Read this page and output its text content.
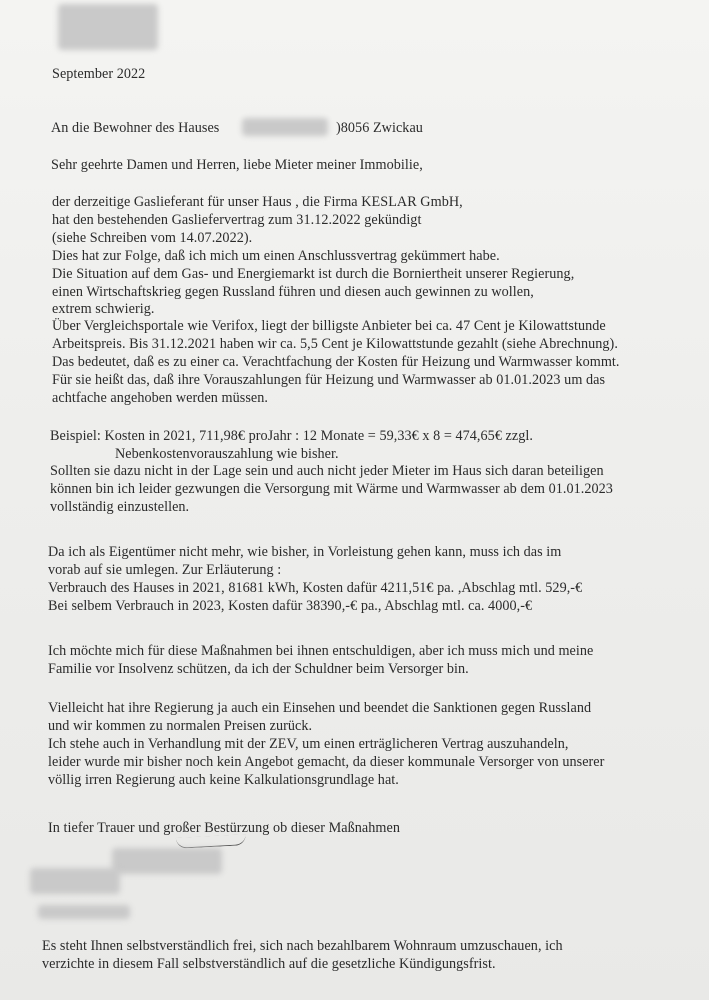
September 2022
An die Bewohner des Hauses	)8056 Zwickau
Sehr geehrte Damen und Herren, liebe Mieter meiner Immobilie,
der derzeitige Gaslieferant für unser Haus , die Firma KESLAR GmbH,
hat den bestehenden Gasliefervertrag zum 31.12.2022 gekündigt
(siehe Schreiben vom 14.07.2022).
Dies hat zur Folge, daß ich mich um einen Anschlussvertrag gekümmert habe.
Die Situation auf dem Gas- und Energiemarkt ist durch die Borniertheit unserer Regierung,
einen Wirtschaftskrieg gegen Russland führen und diesen auch gewinnen zu wollen,
extrem schwierig.
Über Vergleichsportale wie Verifox, liegt der billigste Anbieter bei ca. 47 Cent je Kilowattstunde
Arbeitspreis. Bis 31.12.2021 haben wir ca. 5,5 Cent je Kilowattstunde gezahlt (siehe Abrechnung).
Das bedeutet, daß es zu einer ca. Verachtfachung der Kosten für Heizung und Warmwasser kommt.
Für sie heißt das, daß ihre Vorauszahlungen für Heizung und Warmwasser ab 01.01.2023 um das
achtfache angehoben werden müssen.
Beispiel: Kosten in 2021, 711,98€ proJahr : 12 Monate = 59,33€ x 8 = 474,65€ zzgl.
Nebenkostenvorauszahlung wie bisher.
Sollten sie dazu nicht in der Lage sein und auch nicht jeder Mieter im Haus sich daran beteiligen
können bin ich leider gezwungen die Versorgung mit Wärme und Warmwasser ab dem 01.01.2023
vollständig einzustellen.
Da ich als Eigentümer nicht mehr, wie bisher, in Vorleistung gehen kann, muss ich das im
vorab auf sie umlegen. Zur Erläuterung :
Verbrauch des Hauses in 2021, 81681 kWh, Kosten dafür 4211,51€ pa. ,Abschlag mtl. 529,-€
Bei selbem Verbrauch in 2023, Kosten dafür 38390,-€ pa., Abschlag mtl. ca. 4000,-€
Ich möchte mich für diese Maßnahmen bei ihnen entschuldigen, aber ich muss mich und meine
Familie vor Insolvenz schützen, da ich der Schuldner beim Versorger bin.
Vielleicht hat ihre Regierung ja auch ein Einsehen und beendet die Sanktionen gegen Russland
und wir kommen zu normalen Preisen zurück.
Ich stehe auch in Verhandlung mit der ZEV, um einen erträglicheren Vertrag auszuhandeln,
leider wurde mir bisher noch kein Angebot gemacht, da dieser kommunale Versorger von unserer
völlig irren Regierung auch keine Kalkulationsgrundlage hat.
In tiefer Trauer und großer Bestürzung ob dieser Maßnahmen
Es steht Ihnen selbstverständlich frei, sich nach bezahlbarem Wohnraum umzuschauen, ich
verzichte in diesem Fall selbstverständlich auf die gesetzliche Kündigungsfrist.
